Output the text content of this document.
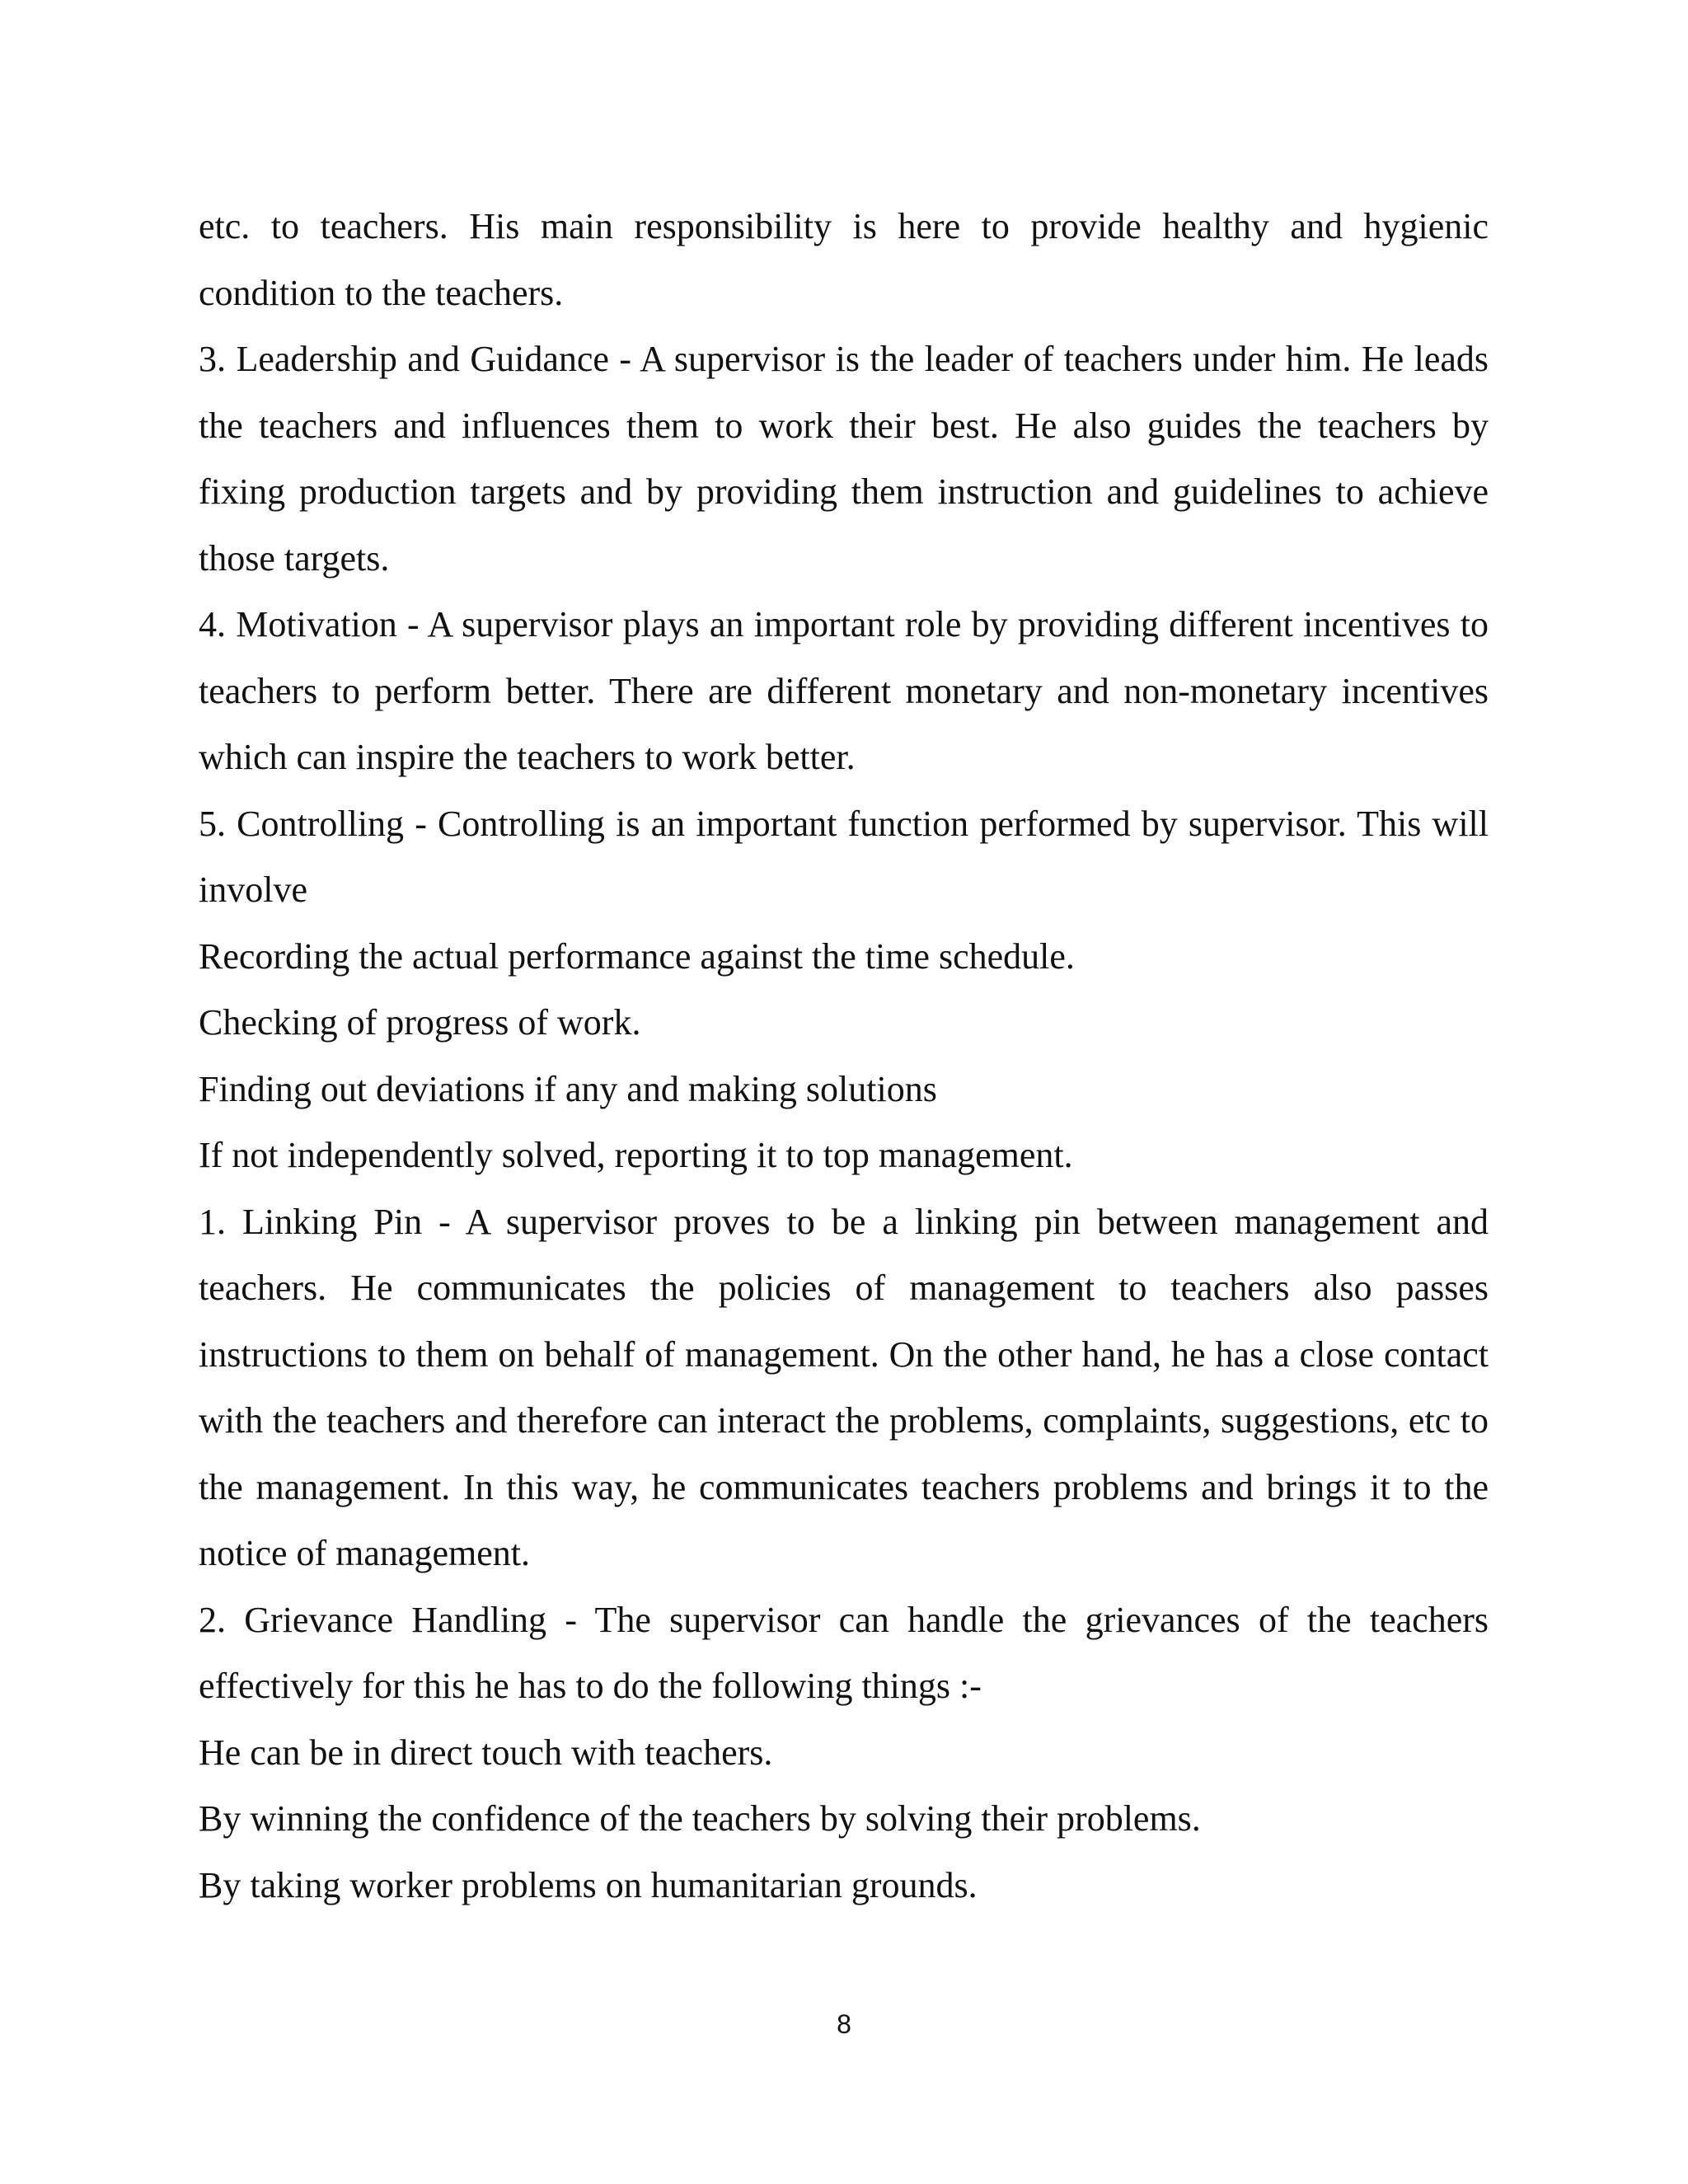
etc. to teachers. His main responsibility is here to provide healthy and hygienic condition to the teachers.

3. Leadership and Guidance - A supervisor is the leader of teachers under him. He leads the teachers and influences them to work their best. He also guides the teachers by fixing production targets and by providing them instruction and guidelines to achieve those targets.

4. Motivation - A supervisor plays an important role by providing different incentives to teachers to perform better. There are different monetary and non-monetary incentives which can inspire the teachers to work better.

5. Controlling - Controlling is an important function performed by supervisor. This will involve

Recording the actual performance against the time schedule.

Checking of progress of work.

Finding out deviations if any and making solutions

If not independently solved, reporting it to top management.

1. Linking Pin - A supervisor proves to be a linking pin between management and teachers. He communicates the policies of management to teachers also passes instructions to them on behalf of management. On the other hand, he has a close contact with the teachers and therefore can interact the problems, complaints, suggestions, etc to the management. In this way, he communicates teachers problems and brings it to the notice of management.

2. Grievance Handling - The supervisor can handle the grievances of the teachers effectively for this he has to do the following things :-

He can be in direct touch with teachers.

By winning the confidence of the teachers by solving their problems.

By taking worker problems on humanitarian grounds.

8
